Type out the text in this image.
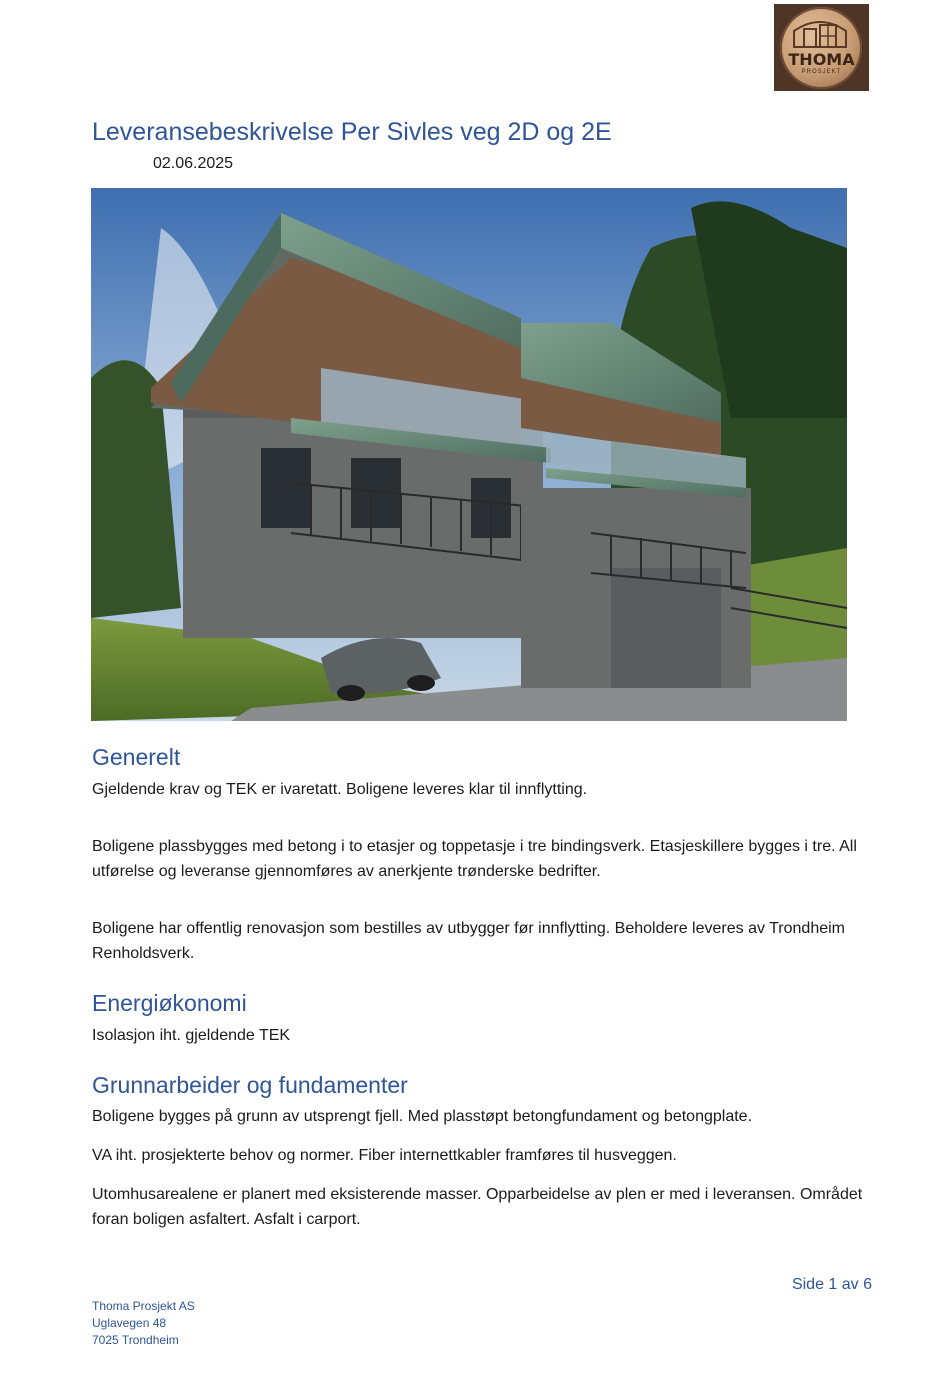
THOMA
PROSJEKT
Leveransebeskrivelse Per Sivles veg 2D og 2E
02.06.2025
Generelt

Gjeldende krav og TEK er ivaretatt. Boligene leveres klar til innflytting.

Boligene plassbygges med betong i to etasjer og toppetasje i tre bindingsverk. Etasjeskillere bygges i tre. All utførelse og leveranse gjennomføres av anerkjente trønderske bedrifter.

Boligene har offentlig renovasjon som bestilles av utbygger før innflytting. Beholdere leveres av Trondheim Renholdsverk.

Energiøkonomi

Isolasjon iht. gjeldende TEK

Grunnarbeider og fundamenter

Boligene bygges på grunn av utsprengt fjell. Med plasstøpt betongfundament og betongplate.

VA iht. prosjekterte behov og normer. Fiber internettkabler framføres til husveggen.

Utomhusarealene er planert med eksisterende masser. Opparbeidelse av plen er med i leveransen. Området foran boligen asfaltert. Asfalt i carport.

Side 1 av 6
Thoma Prosjekt AS
Uglavegen 48
7025 Trondheim
